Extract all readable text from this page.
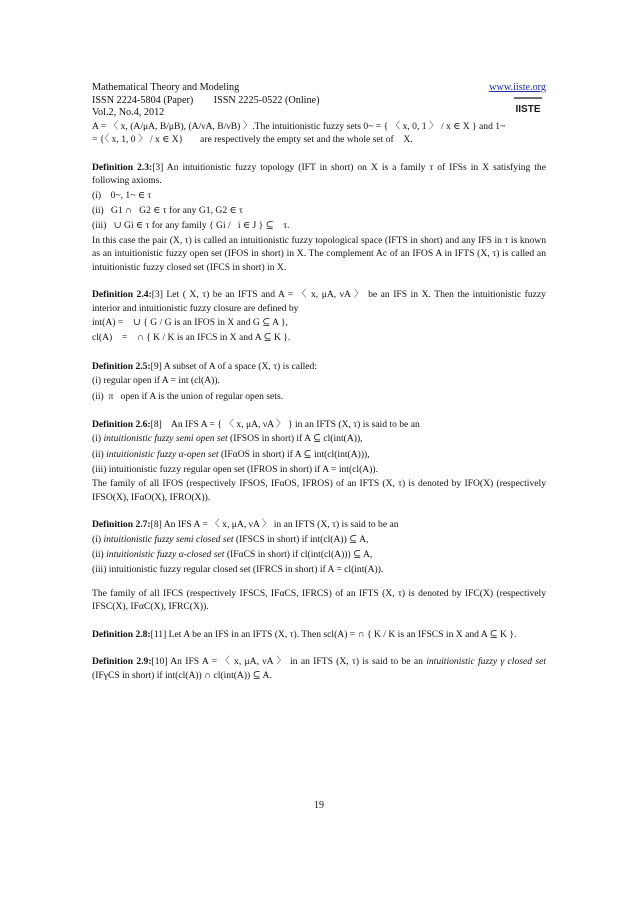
Mathematical Theory and Modeling	www.iiste.org
ISSN 2224-5804 (Paper)        ISSN 2225-0522 (Online)
Vol.2, No.4, 2012	IISTE

A = 〈 x, (A/μA, B/μB), (A/νA, B/νB) 〉.The intuitionistic fuzzy sets 0~ = { 〈 x, 0, 1 〉 / x ∈ X } and 1~

= {〈 x, 1, 0 〉 / x ∈ X}       are respectively the empty set and the whole set of    X.

Definition 2.3:[3] An intuitionistic fuzzy topology (IFT in short) on X is a family τ of IFSs in X satisfying the following axioms.

(i)    0~, 1~ ∈ τ
(ii)   G1 ∩   G2 ∈ τ for any G1, G2 ∈ τ
(iii)   ∪ Gi ∈ τ for any family { Gi /   i ∈ J } ⊆    τ.

In this case the pair (X, τ) is called an intuitionistic fuzzy topological space (IFTS in short) and any IFS in τ is known as an intuitionistic fuzzy open set (IFOS in short) in X. The complement Ac of an IFOS A in IFTS (X, τ) is called an intuitionistic fuzzy closed set (IFCS in short) in X.

Definition 2.4:[3] Let ( X, τ) be an IFTS and A = 〈 x, μA, νA 〉 be an IFS in X. Then the intuitionistic fuzzy interior and intuitionistic fuzzy closure are defined by

int(A) =    ∪ { G / G is an IFOS in X and G ⊆ A },
cl(A)    =    ∩ { K / K is an IFCS in X and A ⊆ K }.

Definition 2.5:[9] A subset of A of a space (X, τ) is called:

(i) regular open if A = int (cl(A)).
(ii)  π   open if A is the union of regular open sets.

Definition 2.6:[8]    An IFS A = { 〈 x, μA, νA 〉 } in an IFTS (X, τ) is said to be an

(i) intuitionistic fuzzy semi open set (IFSOS in short) if A ⊆ cl(int(A)),
(ii) intuitionistic fuzzy α-open set (IFαOS in short) if A ⊆ int(cl(int(A))),
(iii) intuitionistic fuzzy regular open set (IFROS in short) if A = int(cl(A)).

The family of all IFOS (respectively IFSOS, IFαOS, IFROS) of an IFTS (X, τ) is denoted by IFO(X) (respectively IFSO(X), IFαO(X), IFRO(X)).

Definition 2.7:[8] An IFS A = 〈 x, μA, νA 〉 in an IFTS (X, τ) is said to be an

(i) intuitionistic fuzzy semi closed set (IFSCS in short) if int(cl(A)) ⊆ A,
(ii) intuitionistic fuzzy α-closed set (IFαCS in short) if cl(int(cl(A))) ⊆ A,
(iii) intuitionistic fuzzy regular closed set (IFRCS in short) if A = cl(int(A)).

The family of all IFCS (respectively IFSCS, IFαCS, IFRCS) of an IFTS (X, τ) is denoted by IFC(X) (respectively IFSC(X), IFαC(X), IFRC(X)).

Definition 2.8:[11] Let A be an IFS in an IFTS (X, τ). Then scl(A) = ∩ { K / K is an IFSCS in X and A ⊆ K }.

Definition 2.9:[10] An IFS A = 〈 x, μA, νA 〉 in an IFTS (X, τ) is said to be an intuitionistic fuzzy γ closed set (IFγCS in short) if int(cl(A)) ∩ cl(int(A)) ⊆ A.

19
